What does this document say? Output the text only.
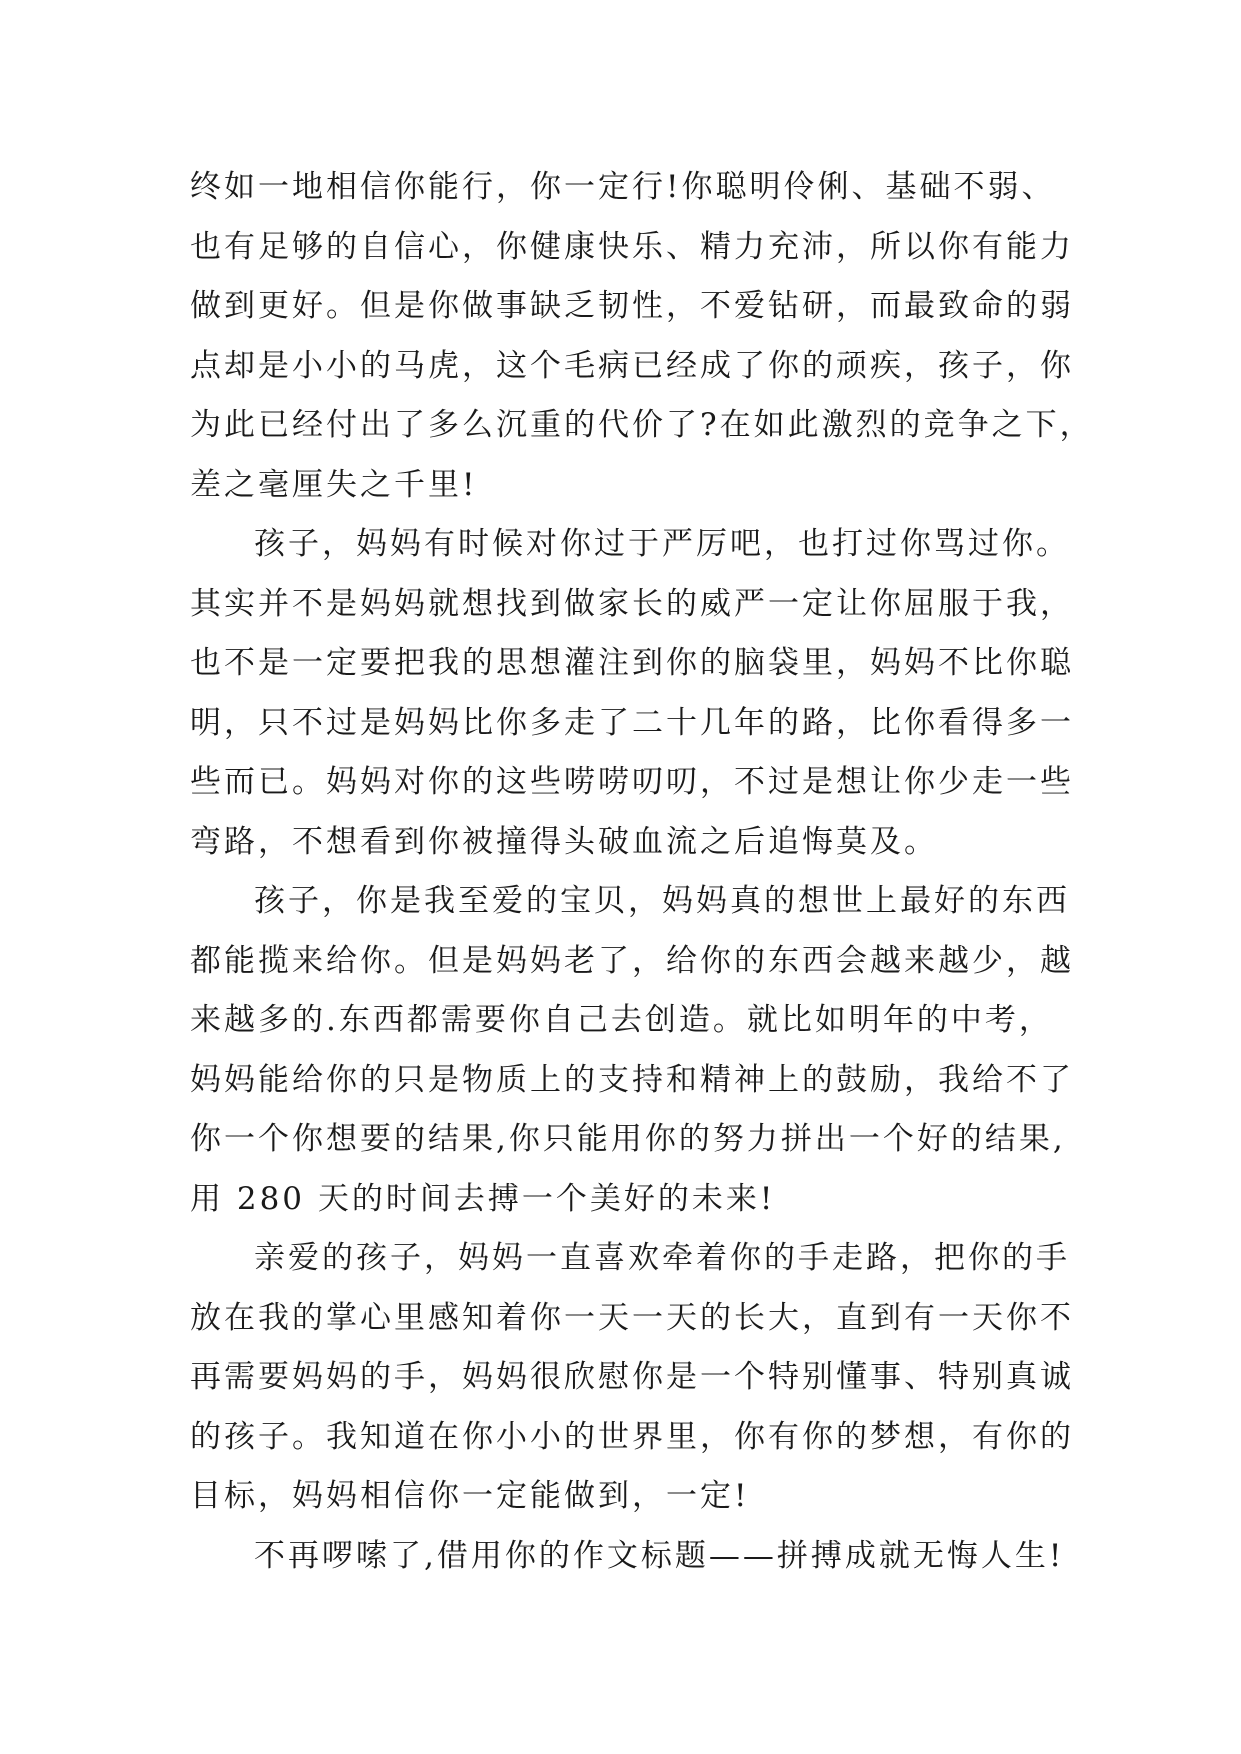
终如一地相信你能行，你一定行!你聪明伶俐、基础不弱、
也有足够的自信心，你健康快乐、精力充沛，所以你有能力
做到更好。但是你做事缺乏韧性，不爱钻研，而最致命的弱
点却是小小的马虎，这个毛病已经成了你的顽疾，孩子，你
为此已经付出了多么沉重的代价了?在如此激烈的竞争之下，
差之毫厘失之千里!
孩子，妈妈有时候对你过于严厉吧，也打过你骂过你。
其实并不是妈妈就想找到做家长的威严一定让你屈服于我，
也不是一定要把我的思想灌注到你的脑袋里，妈妈不比你聪
明，只不过是妈妈比你多走了二十几年的路，比你看得多一
些而已。妈妈对你的这些唠唠叨叨，不过是想让你少走一些
弯路，不想看到你被撞得头破血流之后追悔莫及。
孩子，你是我至爱的宝贝，妈妈真的想世上最好的东西
都能揽来给你。但是妈妈老了，给你的东西会越来越少，越
来越多的.东西都需要你自己去创造。就比如明年的中考，
妈妈能给你的只是物质上的支持和精神上的鼓励，我给不了
你一个你想要的结果,你只能用你的努力拼出一个好的结果,
用 280 天的时间去搏一个美好的未来!
亲爱的孩子，妈妈一直喜欢牵着你的手走路，把你的手
放在我的掌心里感知着你一天一天的长大，直到有一天你不
再需要妈妈的手，妈妈很欣慰你是一个特别懂事、特别真诚
的孩子。我知道在你小小的世界里，你有你的梦想，有你的
目标，妈妈相信你一定能做到，一定!
不再啰嗦了,借用你的作文标题——拼搏成就无悔人生!
